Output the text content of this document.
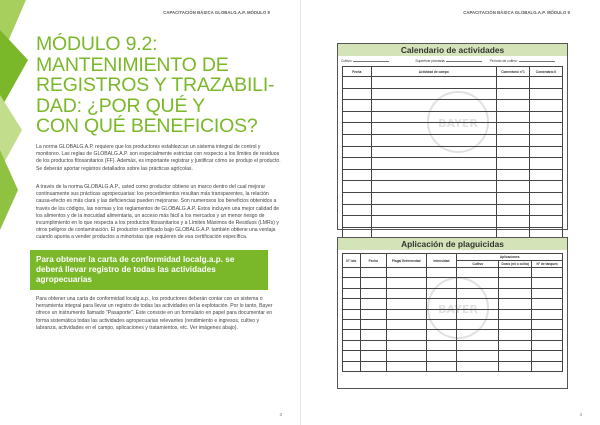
CAPACITACIÓN BÁSICA GLOBALG.A.P. MÓDULO 9
MÓDULO 9.2:
MANTENIMIENTO DE
REGISTROS Y TRAZABILI-
DAD: ¿POR QUÉ Y
CON QUÉ BENEFICIOS?

La norma GLOBALG.A.P. requiere que los productores establezcan un sistema integral de control y monitoreo. Las reglas de GLOBALG.A.P. son especialmente estrictas con respecto a los límites de residuos de los productos fitosanitarios (FF). Además, es importante registrar y justificar cómo se produjo el producto. Se deberán aportar registros detallados sobre las prácticas agrícolas.

A través de la norma GLOBALG.A.P., usted como productor obtiene un marco dentro del cual mejorar continuamente sus prácticas agropecuarias: los procedimientos resultan más transparentes, la relación causa-efecto es más clara y las deficiencias pueden mejorarse. Son numerosos los beneficios obtenidos a través de los códigos, las normas y los reglamentos de GLOBALG.A.P. Estos incluyen una mejor calidad de los alimentos y de la inocuidad alimentaria, un acceso más fácil a los mercados y un menor riesgo de incumplimiento en lo que respecta a los productos fitosanitarios y a Límites Máximos de Residuos (LMRs) y otros peligros de contaminación. El productor certificado bajo GLOBALG.A.P. también obtiene una ventaja cuando apunta a vender productos a minoristas que requieren de esa certificación específica.

Para obtener la carta de conformidad localg.a.p. se deberá llevar registro de todas las actividades agropecuarias

Para obtener una carta de conformidad localg.a.p., los productores deberán contar con un sistema o herramienta integral para llevar un registro de todas las actividades en la explotación. Por lo tanto, Bayer ofrece un instrumento llamado "Pasaporte". Este consiste en un formulario en papel para documentar en forma sistemática todas las actividades agropecuarias relevantes (rendimiento e ingresos, cultivo y labranza, actividades en el campo, aplicaciones y tratamientos, etc. Ver imágenes abajo).

3
CAPACITACIÓN BÁSICA GLOBALG.A.P. MÓDULO 9
Calendario de actividades
Cultivo:	Superficie plantada:	Período de cultivo:
Fecha	Actividad de campo	Comentario n°1	Comentario II

Aplicación de plaguicidas
N° lote	Fecha	Plaga/ Enfermedad	Intensidad	Aplicaciones		
				Cultivo	Dosis (ml o cc/ha)	N° de tanques

4
